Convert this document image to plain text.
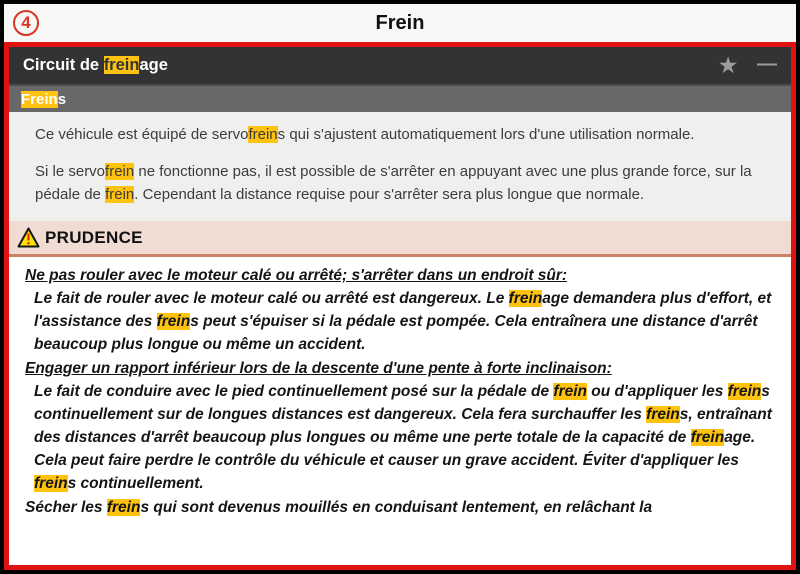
4	Frein
Circuit de freinage	★ —
Freins

Ce véhicule est équipé de servofreins qui s'ajustent automatiquement lors d'une utilisation normale.

Si le servofrein ne fonctionne pas, il est possible de s'arrêter en appuyant avec une plus grande force, sur la pédale de frein. Cependant la distance requise pour s'arrêter sera plus longue que normale.

PRUDENCE

Ne pas rouler avec le moteur calé ou arrêté; s'arrêter dans un endroit sûr:

Le fait de rouler avec le moteur calé ou arrêté est dangereux. Le freinage demandera plus d'effort, et l'assistance des freins peut s'épuiser si la pédale est pompée. Cela entraînera une distance d'arrêt beaucoup plus longue ou même un accident.

Engager un rapport inférieur lors de la descente d'une pente à forte inclinaison:

Le fait de conduire avec le pied continuellement posé sur la pédale de frein ou d'appliquer les freins continuellement sur de longues distances est dangereux. Cela fera surchauffer les freins, entraînant des distances d'arrêt beaucoup plus longues ou même une perte totale de la capacité de freinage. Cela peut faire perdre le contrôle du véhicule et causer un grave accident. Éviter d'appliquer les freins continuellement.

Sécher les freins qui sont devenus mouillés en conduisant lentement, en relâchant la
